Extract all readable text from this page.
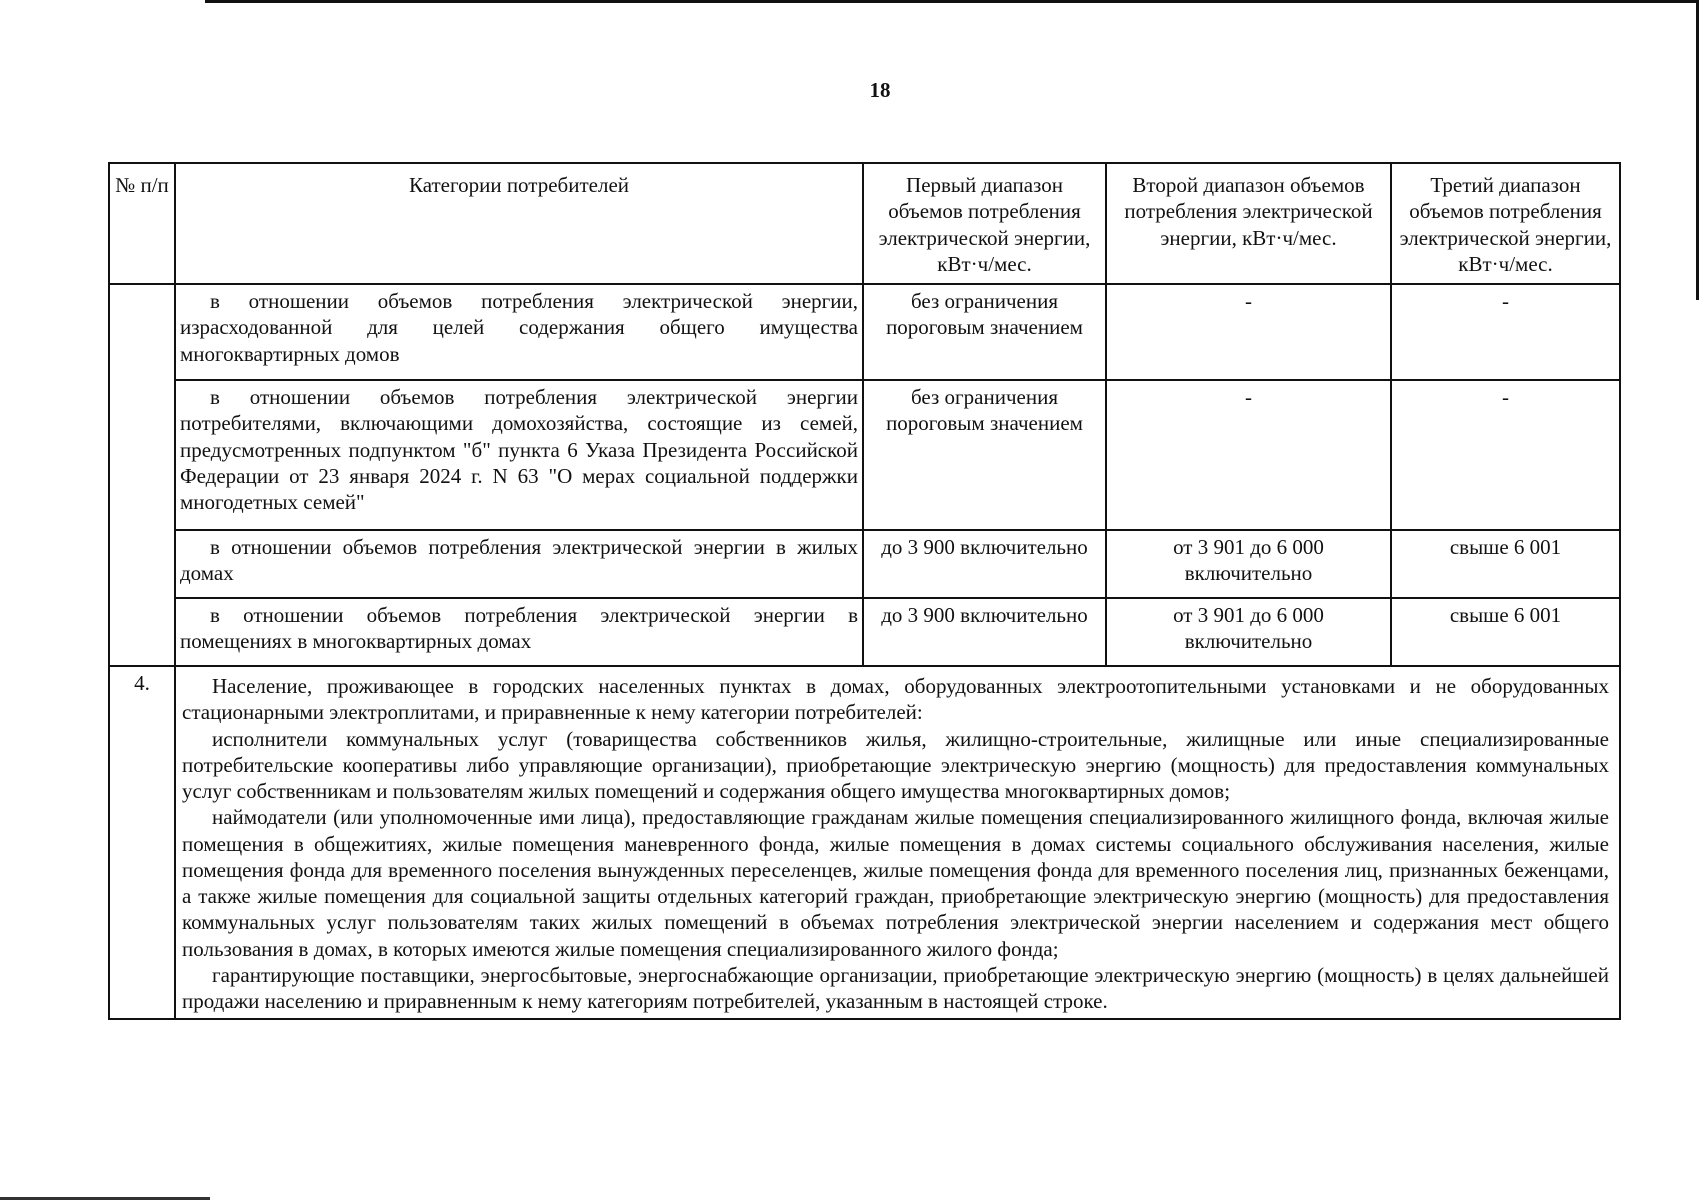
18
№ п/п	Категории потребителей	Первый диапазон объемов потребления электрической энергии, кВт·ч/мес.	Второй диапазон объемов потребления электрической энергии, кВт·ч/мес.	Третий диапазон объемов потребления электрической энергии, кВт·ч/мес.
	в отношении объемов потребления электрической энергии, израсходованной для целей содержания общего имущества многоквартирных домов	без ограничения пороговым значением	-	-
	в отношении объемов потребления электрической энергии потребителями, включающими домохозяйства, состоящие из семей, предусмотренных подпунктом "б" пункта 6 Указа Президента Российской Федерации от 23 января 2024 г. N 63 "О мерах социальной поддержки многодетных семей"	без ограничения пороговым значением	-	-
	в отношении объемов потребления электрической энергии в жилых домах	до 3 900 включительно	от 3 901 до 6 000 включительно	свыше 6 001
	в отношении объемов потребления электрической энергии в помещениях в многоквартирных домах	до 3 900 включительно	от 3 901 до 6 000 включительно	свыше 6 001
4.	Население, проживающее в городских населенных пунктах в домах, оборудованных электроотопительными установками и не оборудованных стационарными электроплитами, и приравненные к нему категории потребителей:

исполнители коммунальных услуг (товарищества собственников жилья, жилищно-строительные, жилищные или иные специализированные потребительские кооперативы либо управляющие организации), приобретающие электрическую энергию (мощность) для предоставления коммунальных услуг собственникам и пользователям жилых помещений и содержания общего имущества многоквартирных домов;

наймодатели (или уполномоченные ими лица), предоставляющие гражданам жилые помещения специализированного жилищного фонда, включая жилые помещения в общежитиях, жилые помещения маневренного фонда, жилые помещения в домах системы социального обслуживания населения, жилые помещения фонда для временного поселения вынужденных переселенцев, жилые помещения фонда для временного поселения лиц, признанных беженцами, а также жилые помещения для социальной защиты отдельных категорий граждан, приобретающие электрическую энергию (мощность) для предоставления коммунальных услуг пользователям таких жилых помещений в объемах потребления электрической энергии населением и содержания мест общего пользования в домах, в которых имеются жилые помещения специализированного жилого фонда;

гарантирующие поставщики, энергосбытовые, энергоснабжающие организации, приобретающие электрическую энергию (мощность) в целях дальнейшей продажи населению и приравненным к нему категориям потребителей, указанным в настоящей строке.			
